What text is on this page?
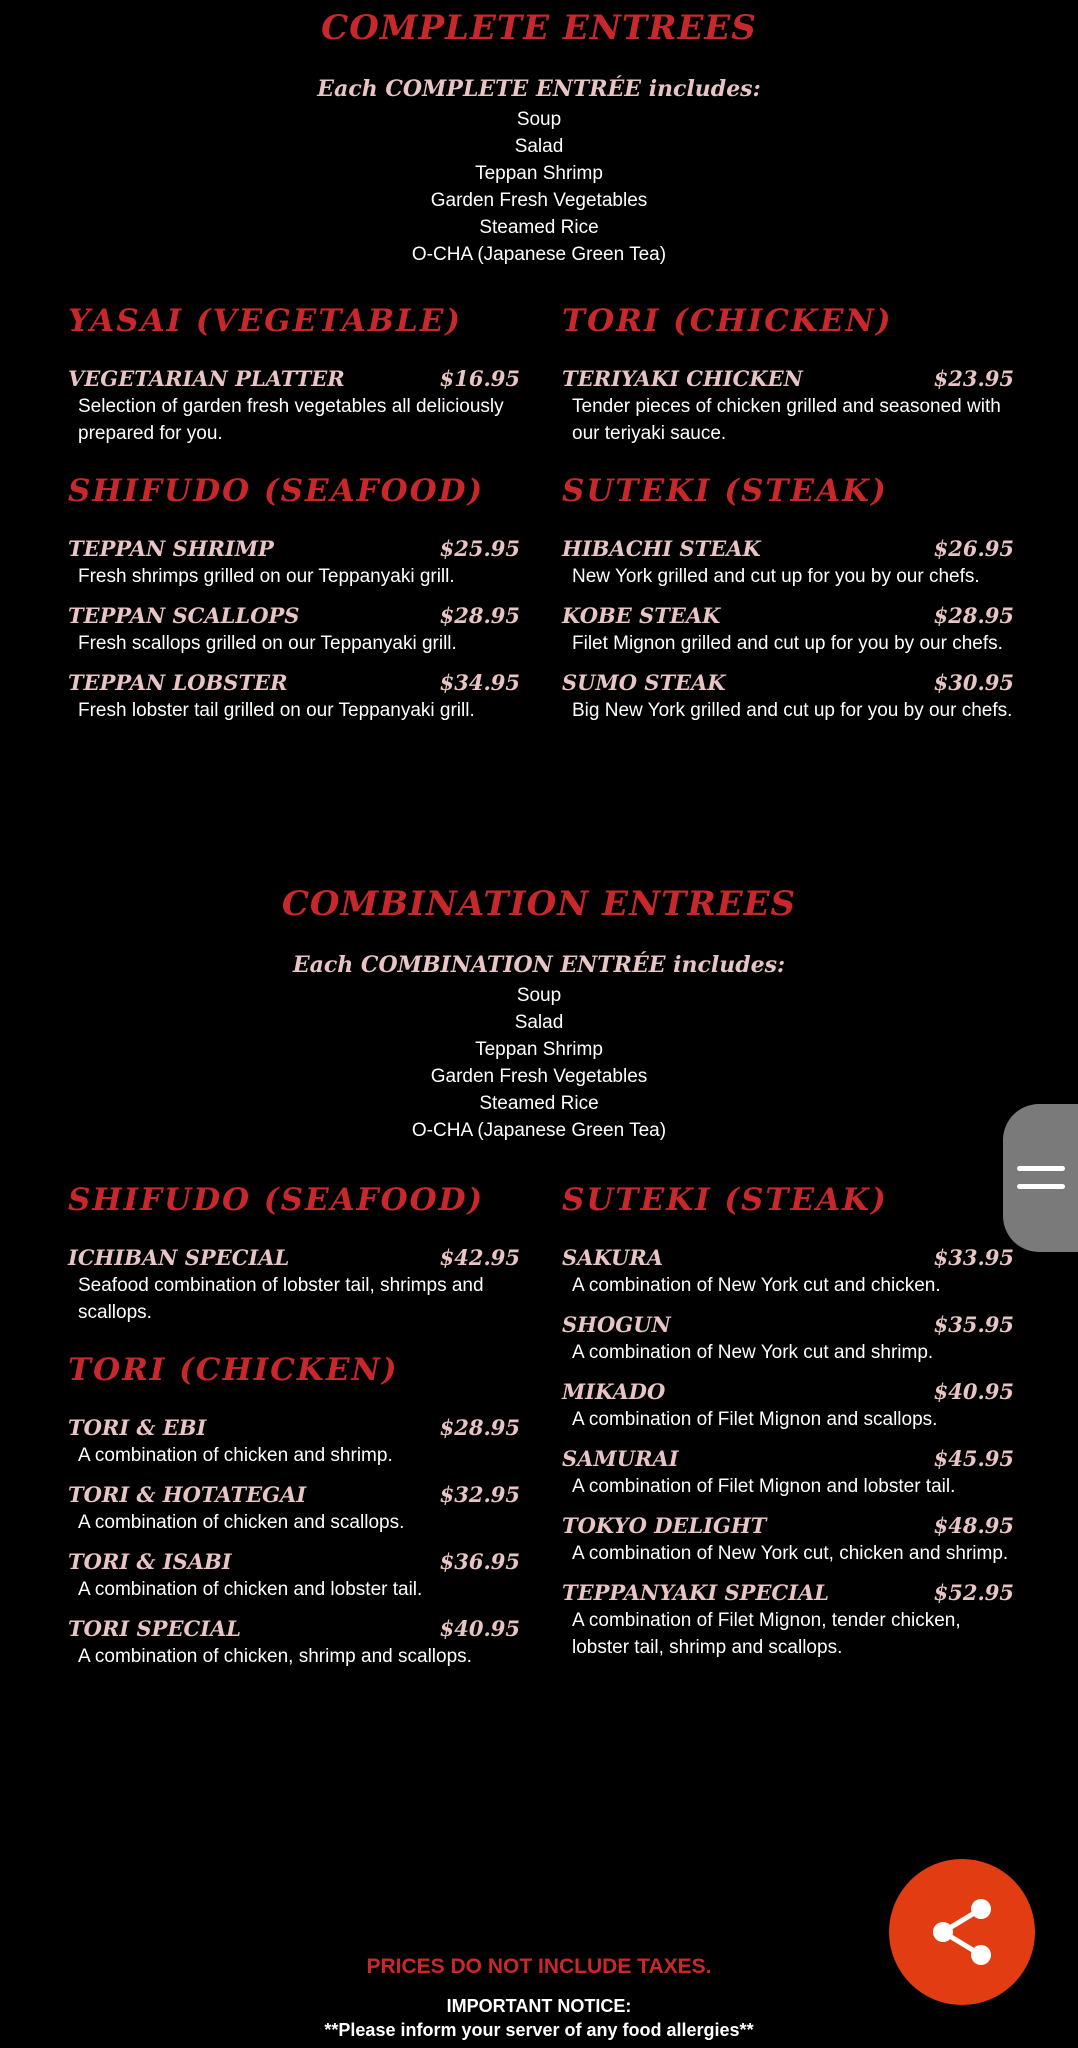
COMPLETE ENTREES
Each COMPLETE ENTRÉE includes:
Soup
Salad
Teppan Shrimp
Garden Fresh Vegetables
Steamed Rice
O-CHA (Japanese Green Tea)
YASAI (VEGETABLE)
VEGETARIAN PLATTER	$16.95
Selection of garden fresh vegetables all deliciously prepared for you.
SHIFUDO (SEAFOOD)
TEPPAN SHRIMP	$25.95
Fresh shrimps grilled on our Teppanyaki grill.
TEPPAN SCALLOPS	$28.95
Fresh scallops grilled on our Teppanyaki grill.
TEPPAN LOBSTER	$34.95
Fresh lobster tail grilled on our Teppanyaki grill.
TORI (CHICKEN)
TERIYAKI CHICKEN	$23.95
Tender pieces of chicken grilled and seasoned with our teriyaki sauce.
SUTEKI (STEAK)
HIBACHI STEAK	$26.95
New York grilled and cut up for you by our chefs.
KOBE STEAK	$28.95
Filet Mignon grilled and cut up for you by our chefs.
SUMO STEAK	$30.95
Big New York grilled and cut up for you by our chefs.
COMBINATION ENTREES
Each COMBINATION ENTRÉE includes:
Soup
Salad
Teppan Shrimp
Garden Fresh Vegetables
Steamed Rice
O-CHA (Japanese Green Tea)
SHIFUDO (SEAFOOD)
ICHIBAN SPECIAL	$42.95
Seafood combination of lobster tail, shrimps and scallops.
TORI (CHICKEN)
TORI & EBI	$28.95
A combination of chicken and shrimp.
TORI & HOTATEGAI	$32.95
A combination of chicken and scallops.
TORI & ISABI	$36.95
A combination of chicken and lobster tail.
TORI SPECIAL	$40.95
A combination of chicken, shrimp and scallops.
SUTEKI (STEAK)
SAKURA	$33.95
A combination of New York cut and chicken.
SHOGUN	$35.95
A combination of New York cut and shrimp.
MIKADO	$40.95
A combination of Filet Mignon and scallops.
SAMURAI	$45.95
A combination of Filet Mignon and lobster tail.
TOKYO DELIGHT	$48.95
A combination of New York cut, chicken and shrimp.
TEPPANYAKI SPECIAL	$52.95
A combination of Filet Mignon, tender chicken, lobster tail, shrimp and scallops.
PRICES DO NOT INCLUDE TAXES.
IMPORTANT NOTICE:
**Please inform your server of any food allergies**
